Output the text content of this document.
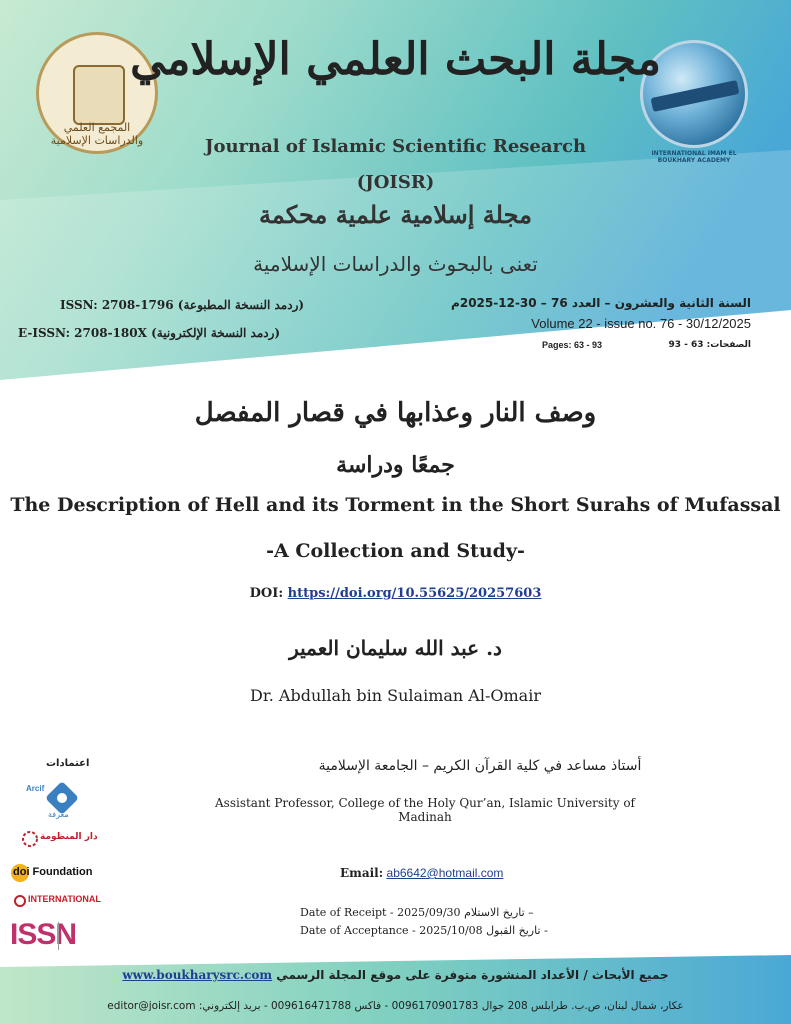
المجمع العلمي والدراسات الإسلامية
INTERNATIONAL IMAM EL BOUKHARY ACADEMY
مجلة البحث العلمي الإسلامي
Journal of Islamic Scientific Research
(JOISR)
مجلة إسلامية علمية محكمة
تعنى بالبحوث والدراسات الإسلامية
ISSN: 2708-1796 (ردمد النسخة المطبوعة)
E-ISSN: 2708-180X (ردمد النسخة الإلكترونية)
السنة الثانية والعشرون – العدد 76 – 30-12-2025م
Volume 22 - issue no. 76 - 30/12/2025
Pages: 63 - 93	الصفحات: 63 - 93
وصف النار وعذابها في قصار المفصل
جمعًا ودراسة
The Description of Hell and its Torment in the Short Surahs of Mufassal
-A Collection and Study-
DOI: https://doi.org/10.55625/20257603
د. عبد الله سليمان العمير
Dr. Abdullah bin Sulaiman Al-Omair
أستاذ مساعد في كلية القرآن الكريم – الجامعة الإسلامية
Assistant Professor, College of the Holy Qur’an, Islamic University of Madinah
Email: ab6642@hotmail.com
Date of Receipt - 2025/09/30 – تاريخ الاستلام
Date of Acceptance - 2025/10/08 - تاريخ القبول
اعتمادات
Arcif
معرفة
دار المنظومة
doi Foundation
INTERNATIONAL
ISSN
www.boukharysrc.com جميع الأبحاث / الأعداد المنشورة متوفرة على موقع المجلة الرسمي
عكار، شمال لبنان، ص.ب. طرابلس 208 جوال 0096170901783 - فاكس 009616471788 - بريد إلكتروني: editor@joisr.com
